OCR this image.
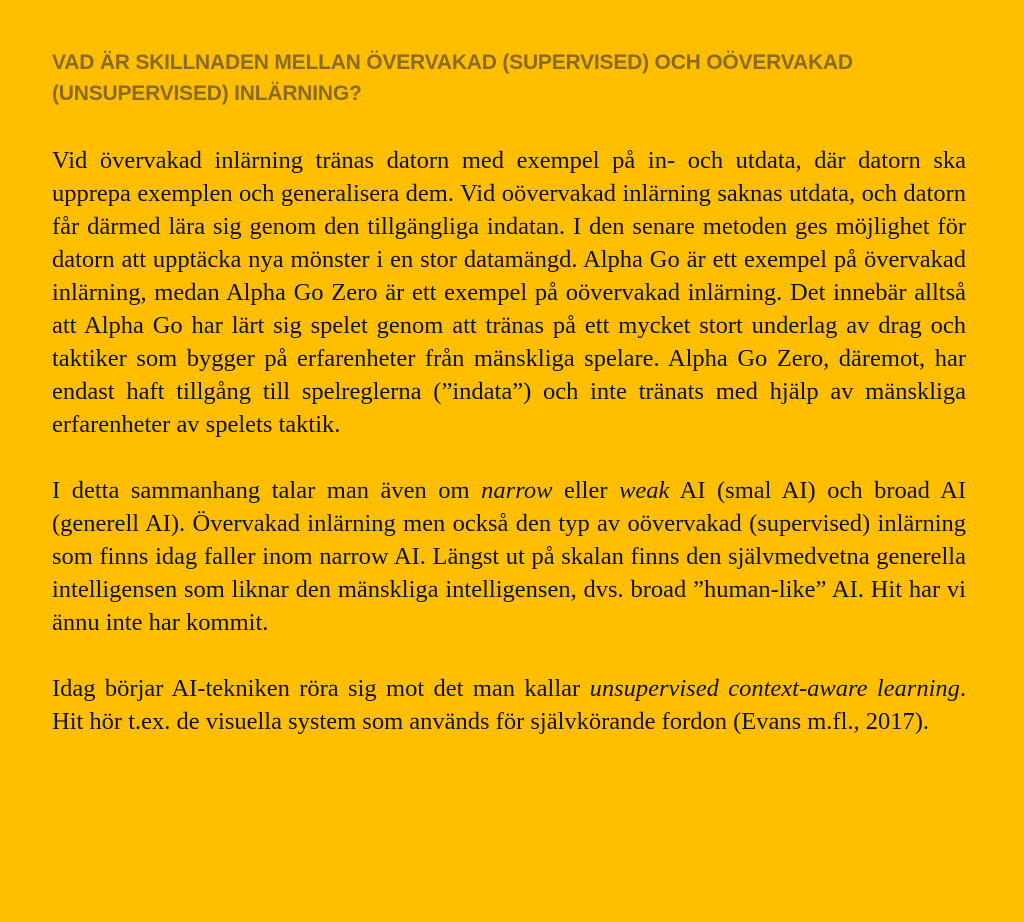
VAD ÄR SKILLNADEN MELLAN ÖVERVAKAD (SUPERVISED) OCH OÖVERVAKAD (UNSUPERVISED) INLÄRNING?

Vid övervakad inlärning tränas datorn med exempel på in- och utdata, där datorn ska upprepa exemplen och generalisera dem. Vid oövervakad inlärning saknas utdata, och datorn får därmed lära sig genom den tillgängliga indatan. I den senare metoden ges möjlighet för datorn att upptäcka nya mönster i en stor datamängd. Alpha Go är ett exempel på övervakad inlärning, medan Alpha Go Zero är ett exempel på oövervakad inlärning. Det innebär alltså att Alpha Go har lärt sig spelet genom att tränas på ett mycket stort underlag av drag och taktiker som bygger på erfarenheter från mänskliga spelare. Alpha Go Zero, däremot, har endast haft tillgång till spelreglerna (”indata”) och inte tränats med hjälp av mänskliga erfarenheter av spelets taktik.

I detta sammanhang talar man även om narrow eller weak AI (smal AI) och broad AI (generell AI). Övervakad inlärning men också den typ av oövervakad (supervised) inlärning som finns idag faller inom narrow AI. Längst ut på skalan finns den självmedvetna generella intelligensen som liknar den mänskliga intelligensen, dvs. broad ”human-like” AI. Hit har vi ännu inte har kommit.

Idag börjar AI-tekniken röra sig mot det man kallar unsupervised context-aware learning. Hit hör t.ex. de visuella system som används för självkörande fordon (Evans m.fl., 2017).
